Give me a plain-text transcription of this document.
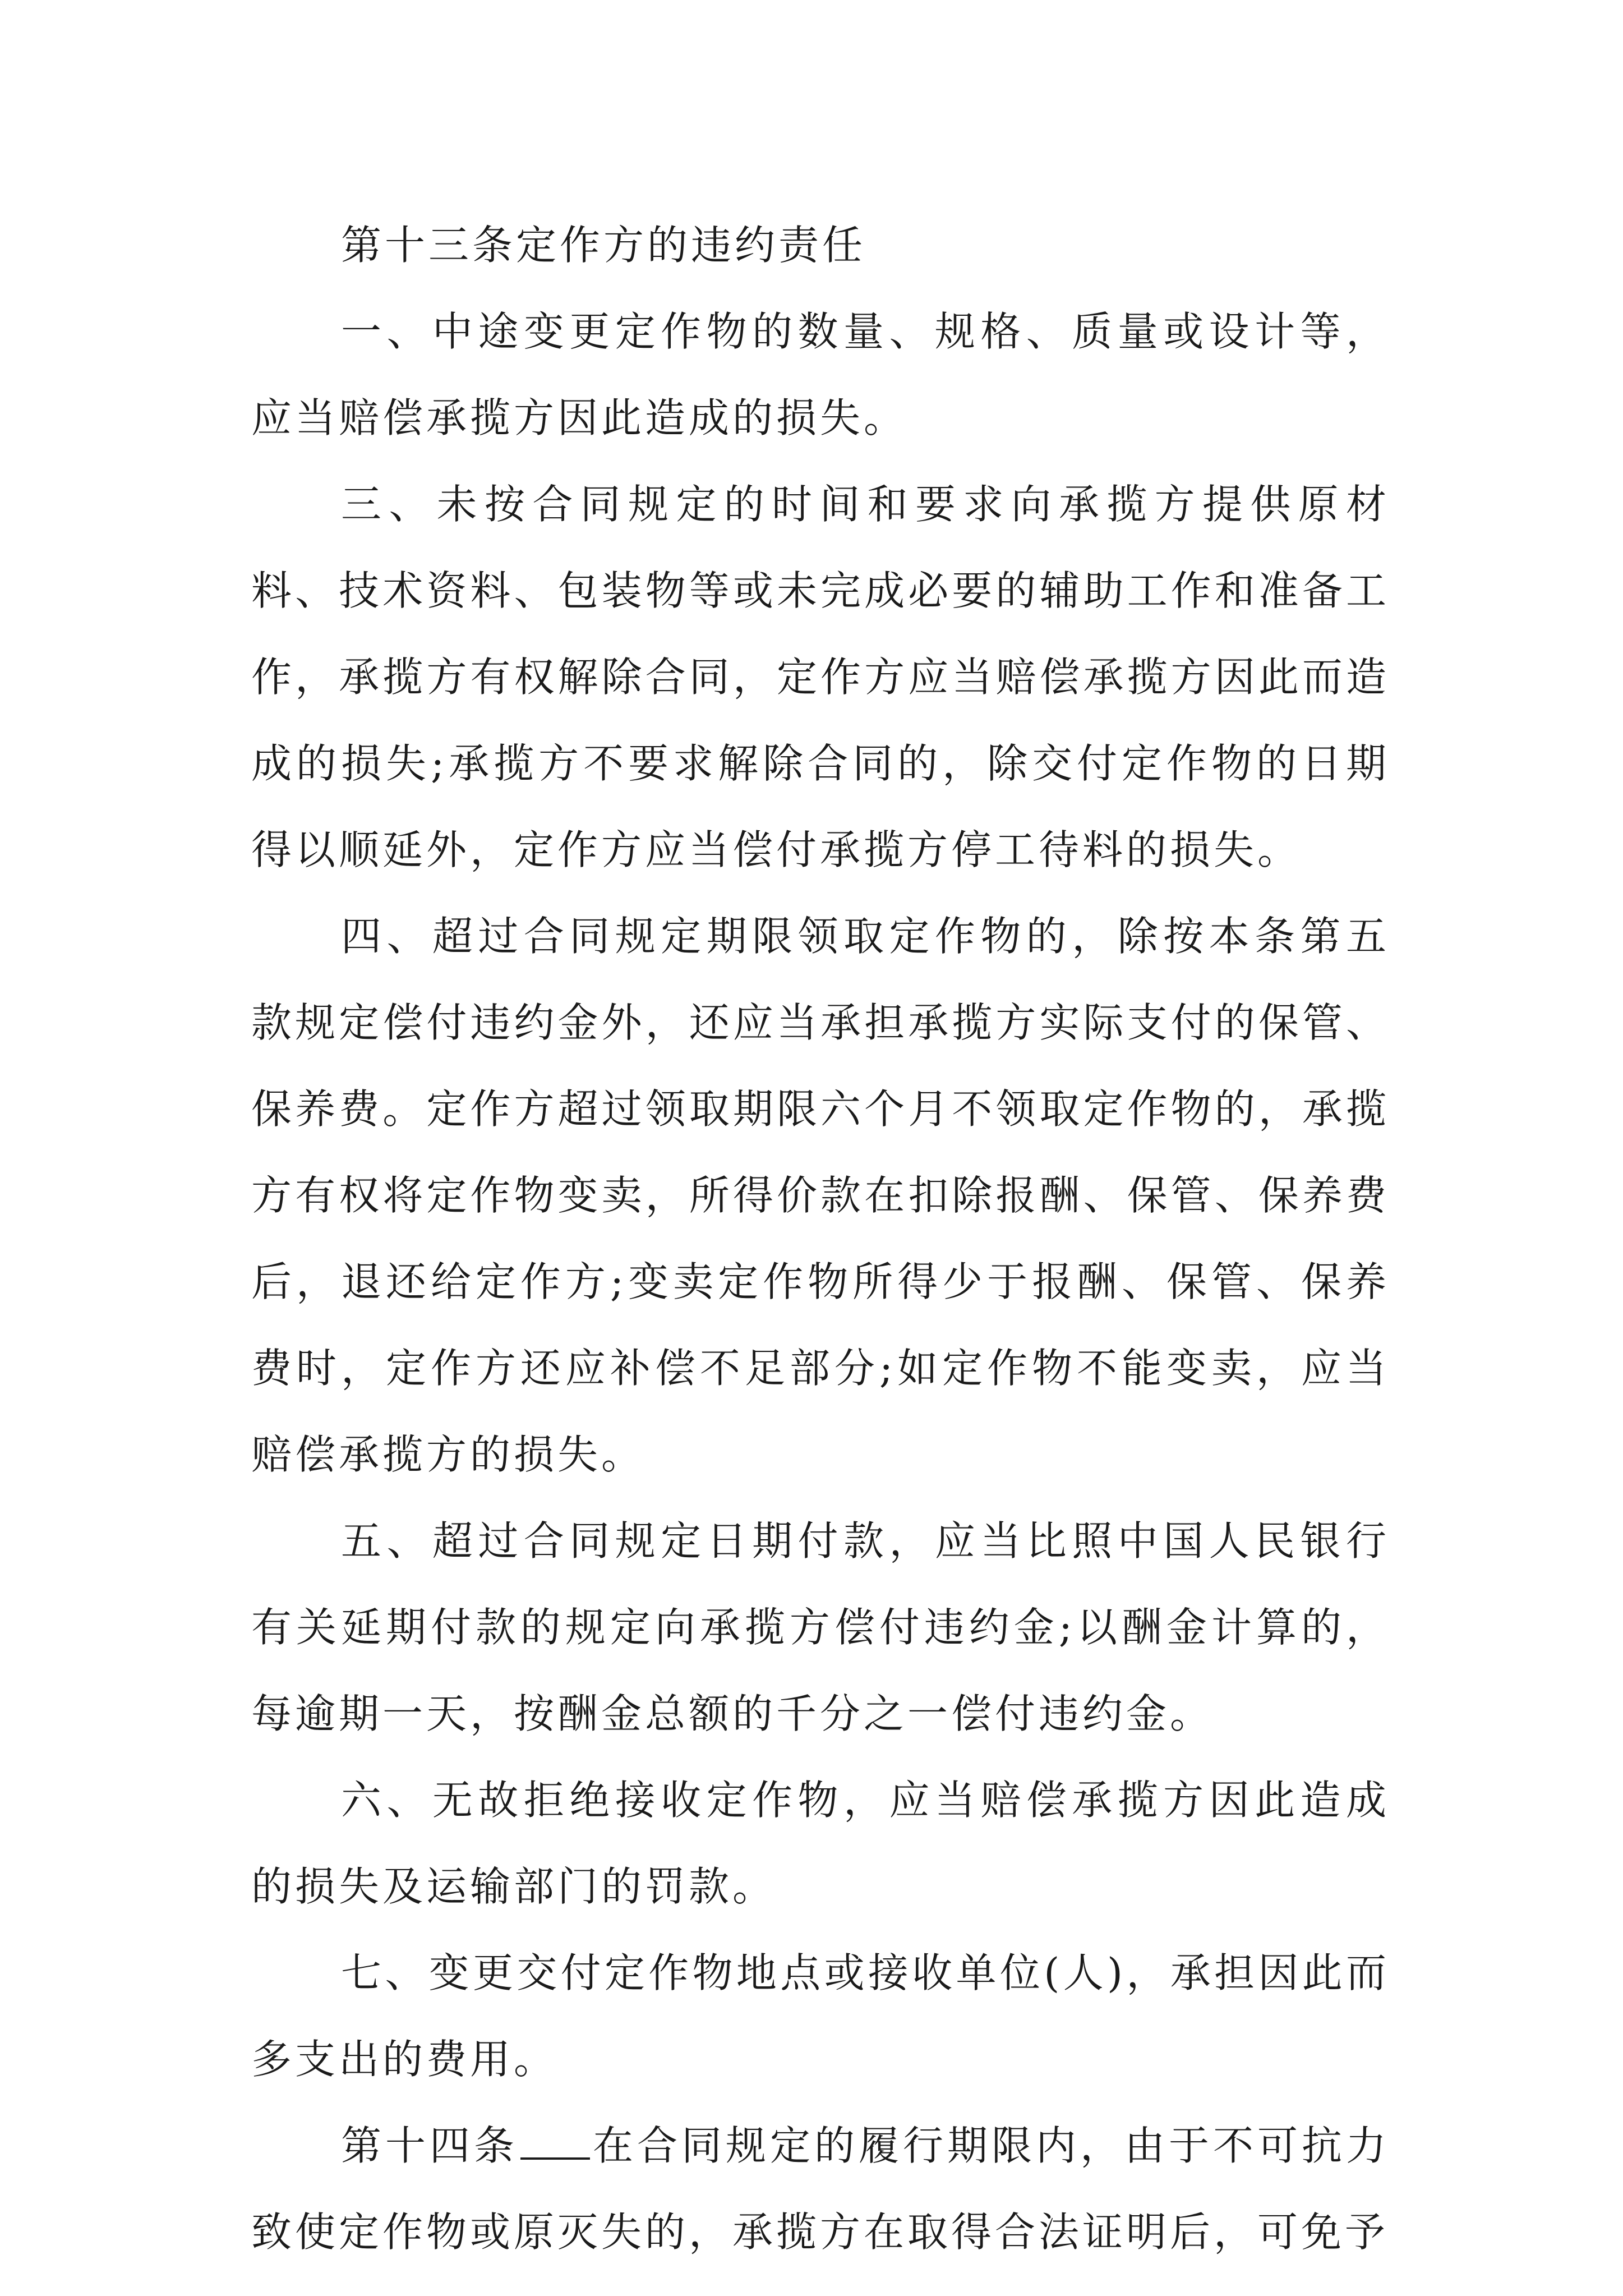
第十三条定作方的违约责任

一、中途变更定作物的数量、规格、质量或设计等，应当赔偿承揽方因此造成的损失。

三、未按合同规定的时间和要求向承揽方提供原材料、技术资料、包装物等或未完成必要的辅助工作和准备工作，承揽方有权解除合同，定作方应当赔偿承揽方因此而造成的损失;承揽方不要求解除合同的，除交付定作物的日期得以顺延外，定作方应当偿付承揽方停工待料的损失。

四、超过合同规定期限领取定作物的，除按本条第五款规定偿付违约金外，还应当承担承揽方实际支付的保管、保养费。定作方超过领取期限六个月不领取定作物的，承揽方有权将定作物变卖，所得价款在扣除报酬、保管、保养费后，退还给定作方;变卖定作物所得少于报酬、保管、保养费时，定作方还应补偿不足部分;如定作物不能变卖，应当赔偿承揽方的损失。

五、超过合同规定日期付款，应当比照中国人民银行有关延期付款的规定向承揽方偿付违约金;以酬金计算的，每逾期一天，按酬金总额的千分之一偿付违约金。

六、无故拒绝接收定作物，应当赔偿承揽方因此造成的损失及运输部门的罚款。

七、变更交付定作物地点或接收单位(人)，承担因此而多支出的费用。

第十四条 在合同规定的履行期限内，由于不可抗力致使定作物或原灭失的，承揽方在取得合法证明后，可免予
